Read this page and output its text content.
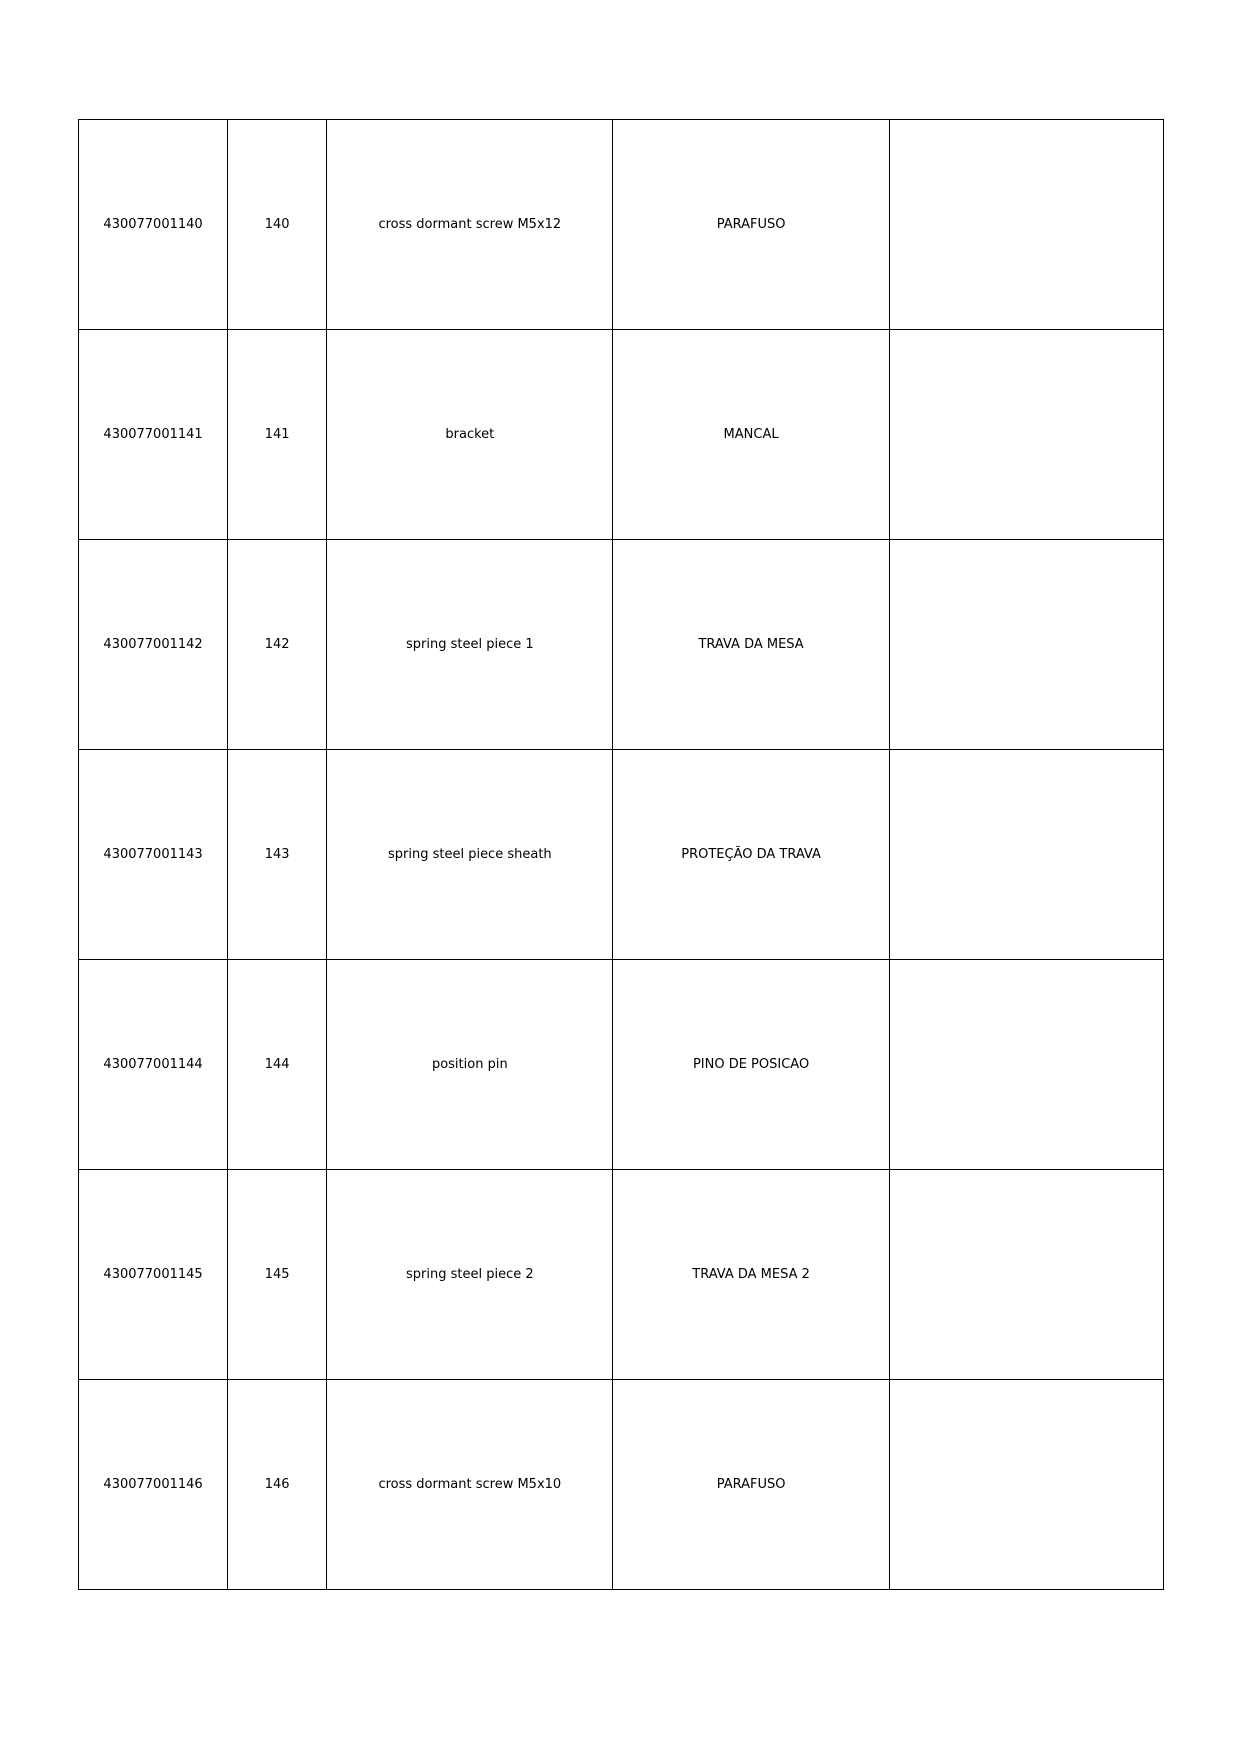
430077001140	140	cross dormant screw M5x12	PARAFUSO	
430077001141	141	bracket	MANCAL	
430077001142	142	spring steel piece 1	TRAVA DA MESA	
430077001143	143	spring steel piece sheath	PROTEÇÃO DA TRAVA	
430077001144	144	position pin	PINO DE POSICAO	
430077001145	145	spring steel piece 2	TRAVA DA MESA 2	
430077001146	146	cross dormant screw M5x10	PARAFUSO	
